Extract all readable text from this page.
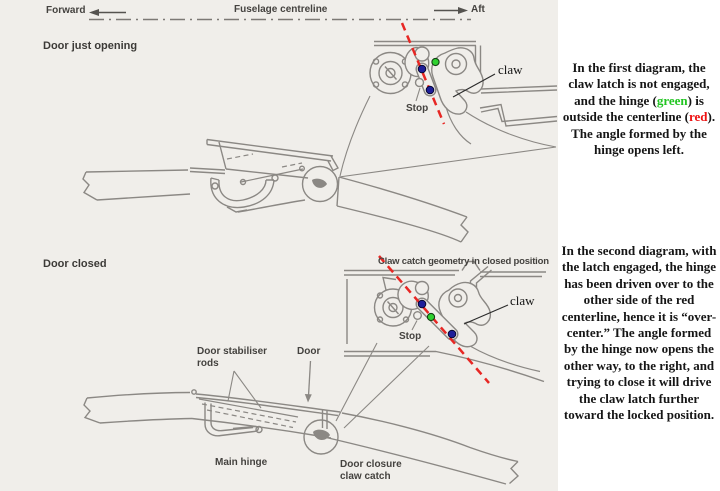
Forward	Fuselage centreline	Aft
Door just opening
Stop
claw
Door closed	Claw catch geometry in closed position
Stop
claw
Door stabiliser rods
Door
Main hinge	Door closure claw catch

In the first diagram, the claw latch is not engaged, and the hinge (green) is outside the centerline (red). The angle formed by the hinge opens left.

In the second diagram, with the latch engaged, the hinge has been driven over to the other side of the red centerline, hence it is “over-center.” The angle formed by the hinge now opens the other way, to the right, and trying to close it will drive the claw latch further toward the locked position.
